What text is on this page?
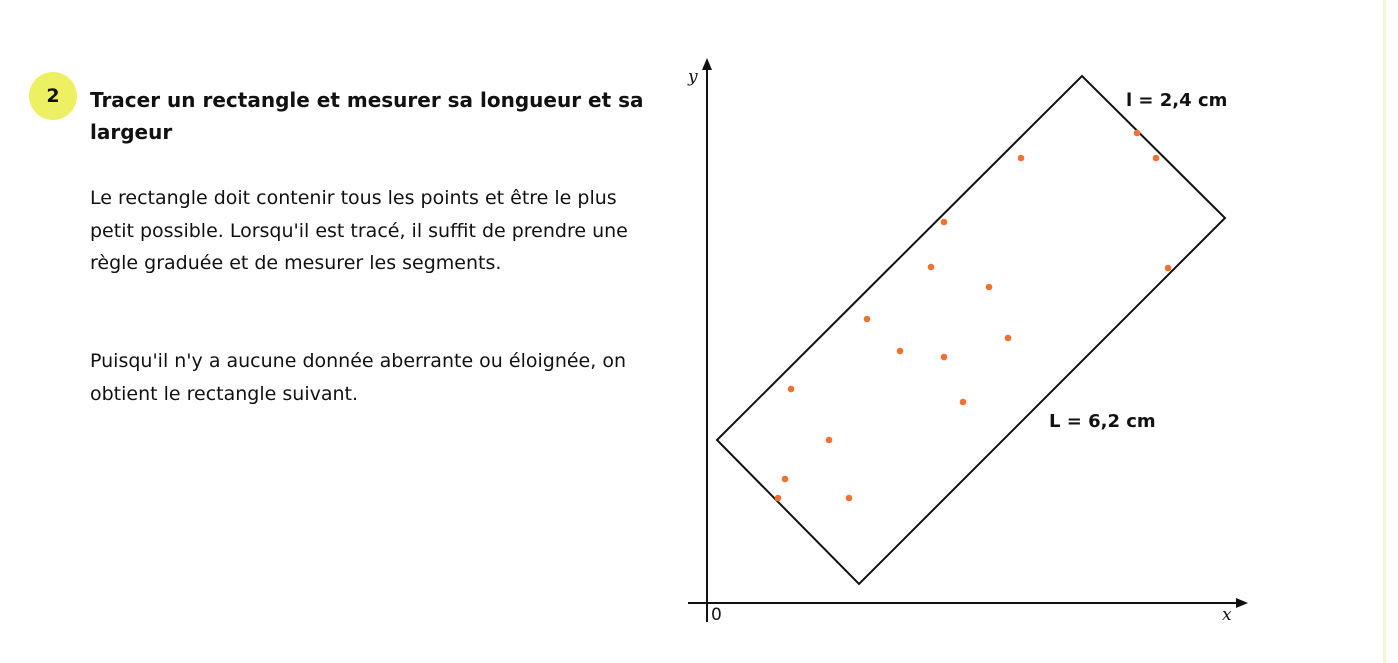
2 Tracer un rectangle et mesurer sa longueur et sa largeur

Le rectangle doit contenir tous les points et être le plus petit possible. Lorsqu'il est tracé, il suffit de prendre une règle graduée et de mesurer les segments.

Puisqu'il n'y a aucune donnée aberrante ou éloignée, on obtient le rectangle suivant.

y
x
0
l = 2,4 cm
L = 6,2 cm
